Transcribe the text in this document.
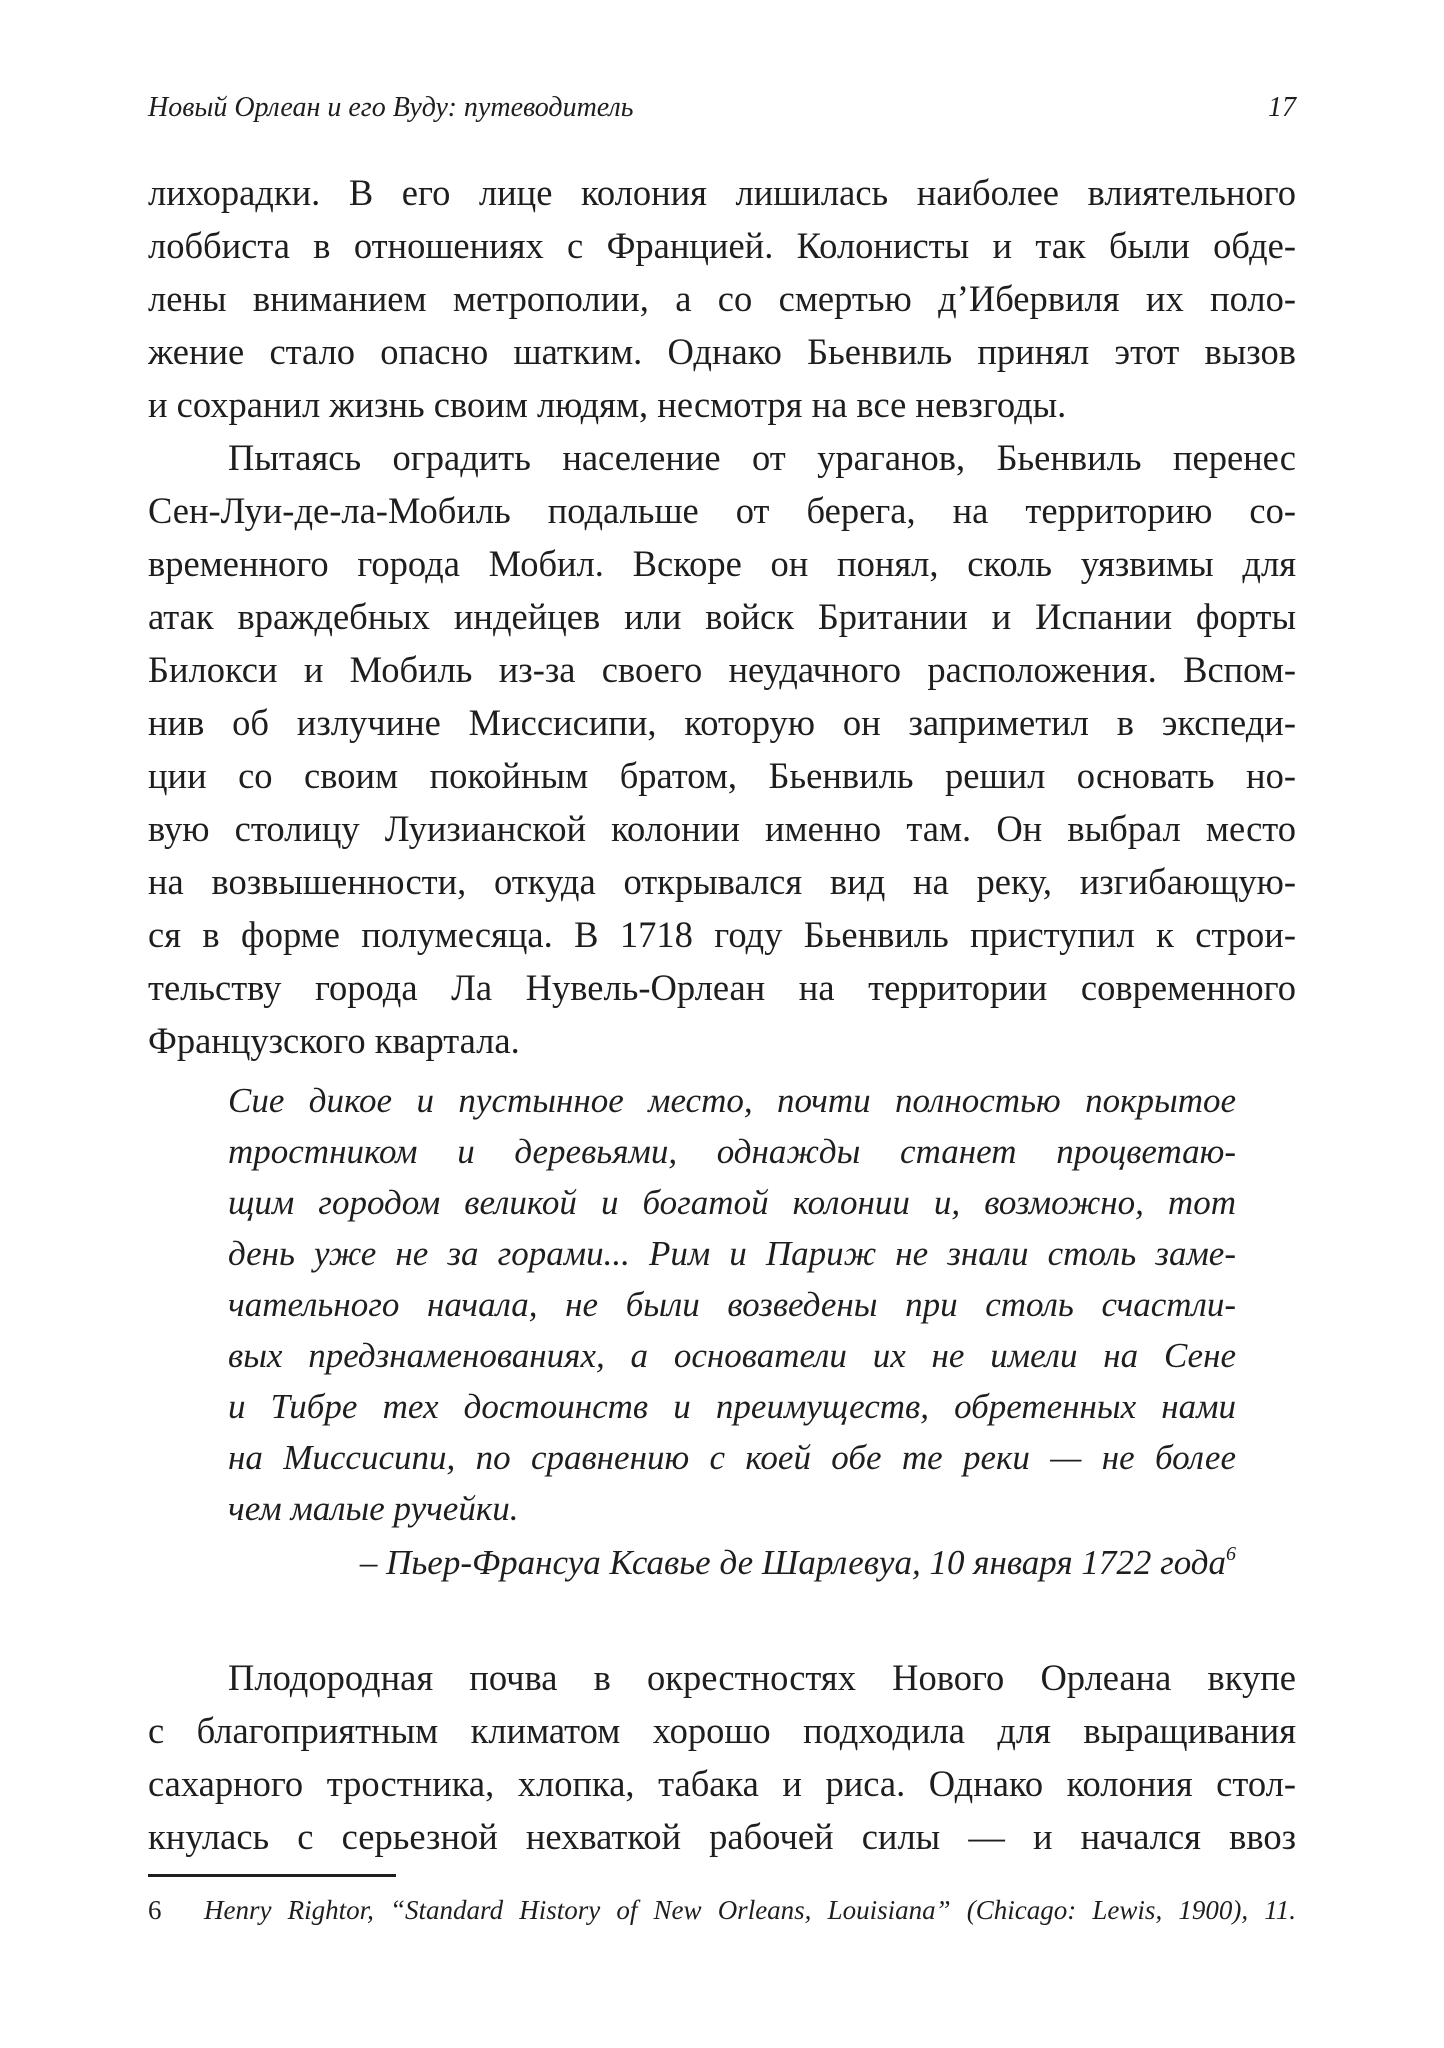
Новый Орлеан и его Вуду: путеводитель	17
лихорадки. В его лице колония лишилась наиболее влиятельного
лоббиста в отношениях с Францией. Колонисты и так были обде-
лены вниманием метрополии, а со смертью д’Ибервиля их поло-
жение стало опасно шатким. Однако Бьенвиль принял этот вызов
и сохранил жизнь своим людям, несмотря на все невзгоды.
Пытаясь оградить население от ураганов, Бьенвиль перенес
Сен-Луи-де-ла-Мобиль подальше от берега, на территорию со-
временного города Мобил. Вскоре он понял, сколь уязвимы для
атак враждебных индейцев или войск Британии и Испании форты
Билокси и Мобиль из-за своего неудачного расположения. Вспом-
нив об излучине Миссисипи, которую он заприметил в экспеди-
ции со своим покойным братом, Бьенвиль решил основать но-
вую столицу Луизианской колонии именно там. Он выбрал место
на возвышенности, откуда открывался вид на реку, изгибающую-
ся в форме полумесяца. В 1718 году Бьенвиль приступил к строи-
тельству города Ла Нувель-Орлеан на территории современного
Французского квартала.
Сие дикое и пустынное место, почти полностью покрытое
тростником и деревьями, однажды станет процветаю-
щим городом великой и богатой колонии и, возможно, тот
день уже не за горами... Рим и Париж не знали столь заме-
чательного начала, не были возведены при столь счастли-
вых предзнаменованиях, а основатели их не имели на Сене
и Тибре тех достоинств и преимуществ, обретенных нами
на Миссисипи, по сравнению с коей обе те реки — не более
чем малые ручейки.
– Пьер-Франсуа Ксавье де Шарлевуа, 10 января 1722 года$^6$
Плодородная почва в окрестностях Нового Орлеана вкупе
с благоприятным климатом хорошо подходила для выращивания
сахарного тростника, хлопка, табака и риса. Однако колония стол-
кнулась с серьезной нехваткой рабочей силы — и начался ввоз
6 Henry Rightor, “Standard History of New Orleans, Louisiana” (Chicago: Lewis, 1900), 11.
